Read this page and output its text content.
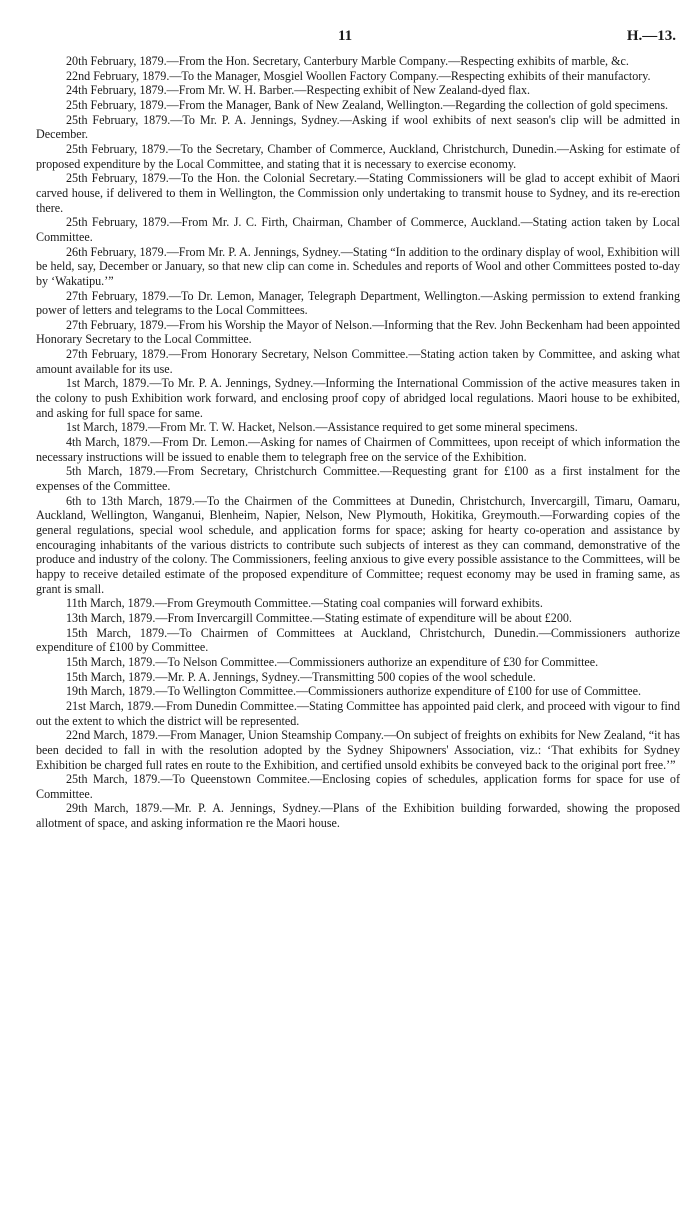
11	H.—13.

20th February, 1879.—From the Hon. Secretary, Canterbury Marble Company.—Respecting exhibits of marble, &c.

22nd February, 1879.—To the Manager, Mosgiel Woollen Factory Company.—Respecting exhibits of their manufactory.

24th February, 1879.—From Mr. W. H. Barber.—Respecting exhibit of New Zealand-dyed flax.

25th February, 1879.—From the Manager, Bank of New Zealand, Wellington.—Regarding the collection of gold specimens.

25th February, 1879.—To Mr. P. A. Jennings, Sydney.—Asking if wool exhibits of next season's clip will be admitted in December.

25th February, 1879.—To the Secretary, Chamber of Commerce, Auckland, Christchurch, Dunedin.—Asking for estimate of proposed expenditure by the Local Committee, and stating that it is necessary to exercise economy.

25th February, 1879.—To the Hon. the Colonial Secretary.—Stating Commissioners will be glad to accept exhibit of Maori carved house, if delivered to them in Wellington, the Commission only undertaking to transmit house to Sydney, and its re-erection there.

25th February, 1879.—From Mr. J. C. Firth, Chairman, Chamber of Commerce, Auckland.—Stating action taken by Local Committee.

26th February, 1879.—From Mr. P. A. Jennings, Sydney.—Stating “In addition to the ordinary display of wool, Exhibition will be held, say, December or January, so that new clip can come in. Schedules and reports of Wool and other Committees posted to-day by ‘Wakatipu.’”

27th February, 1879.—To Dr. Lemon, Manager, Telegraph Department, Wellington.—Asking permission to extend franking power of letters and telegrams to the Local Committees.

27th February, 1879.—From his Worship the Mayor of Nelson.—Informing that the Rev. John Beckenham had been appointed Honorary Secretary to the Local Committee.

27th February, 1879.—From Honorary Secretary, Nelson Committee.—Stating action taken by Committee, and asking what amount available for its use.

1st March, 1879.—To Mr. P. A. Jennings, Sydney.—Informing the International Commission of the active measures taken in the colony to push Exhibition work forward, and enclosing proof copy of abridged local regulations. Maori house to be exhibited, and asking for full space for same.

1st March, 1879.—From Mr. T. W. Hacket, Nelson.—Assistance required to get some mineral specimens.

4th March, 1879.—From Dr. Lemon.—Asking for names of Chairmen of Committees, upon receipt of which information the necessary instructions will be issued to enable them to telegraph free on the service of the Exhibition.

5th March, 1879.—From Secretary, Christchurch Committee.—Requesting grant for £100 as a first instalment for the expenses of the Committee.

6th to 13th March, 1879.—To the Chairmen of the Committees at Dunedin, Christchurch, Invercargill, Timaru, Oamaru, Auckland, Wellington, Wanganui, Blenheim, Napier, Nelson, New Plymouth, Hokitika, Greymouth.—Forwarding copies of the general regulations, special wool schedule, and application forms for space; asking for hearty co-operation and assistance by encouraging inhabitants of the various districts to contribute such subjects of interest as they can command, demonstrative of the produce and industry of the colony. The Commissioners, feeling anxious to give every possible assistance to the Committees, will be happy to receive detailed estimate of the proposed expenditure of Committee; request economy may be used in framing same, as grant is small.

11th March, 1879.—From Greymouth Committee.—Stating coal companies will forward exhibits.

13th March, 1879.—From Invercargill Committee.—Stating estimate of expenditure will be about £200.

15th March, 1879.—To Chairmen of Committees at Auckland, Christchurch, Dunedin.—Commissioners authorize expenditure of £100 by Committee.

15th March, 1879.—To Nelson Committee.—Commissioners authorize an expenditure of £30 for Committee.

15th March, 1879.—Mr. P. A. Jennings, Sydney.—Transmitting 500 copies of the wool schedule.

19th March, 1879.—To Wellington Committee.—Commissioners authorize expenditure of £100 for use of Committee.

21st March, 1879.—From Dunedin Committee.—Stating Committee has appointed paid clerk, and proceed with vigour to find out the extent to which the district will be represented.

22nd March, 1879.—From Manager, Union Steamship Company.—On subject of freights on exhibits for New Zealand, “it has been decided to fall in with the resolution adopted by the Sydney Shipowners' Association, viz.: ‘That exhibits for Sydney Exhibition be charged full rates en route to the Exhibition, and certified unsold exhibits be conveyed back to the original port free.’”

25th March, 1879.—To Queenstown Commitee.—Enclosing copies of schedules, application forms for space for use of Committee.

29th March, 1879.—Mr. P. A. Jennings, Sydney.—Plans of the Exhibition building forwarded, showing the proposed allotment of space, and asking information re the Maori house.
